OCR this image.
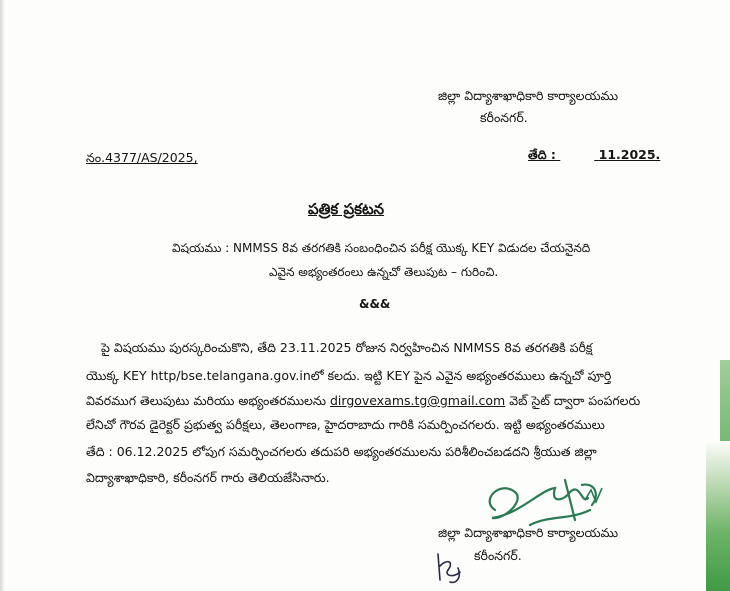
జిల్లా విద్యాశాఖాధికారి కార్యాలయము
కరీంనగర్.
నం.4377/AS/2025,	తేది :	11.2025.
పత్రిక ప్రకటన
విషయము : NMMSS 8వ తరగతికి సంబంధించిన పరీక్ష యొక్క KEY విడుదల చేయనైనది
ఎవైన అభ్యంతరంలు ఉన్నచో తెలుపుట – గురించి.
&&&
పై విషయము పురస్కరించుకొని, తేది 23.11.2025 రోజున నిర్వహించిన NMMSS 8వ తరగతికి పరీక్ష
యొక్క KEY http/bse.telangana.gov.inలో కలదు. ఇట్టి KEY పైన ఎవైన అభ్యంతరములు ఉన్నచో పూర్తి
వివరముగ తెలుపుటు మరియు అభ్యంతరములను dirgovexams.tg@gmail.com వెబ్ సైట్ ద్వారా పంపగలరు
లేనిచో గౌరవ డైరెక్టర్ ప్రభుత్వ పరీక్షలు, తెలంగాణ, హైదరాబాదు గారికి సమర్పించగలరు. ఇట్టి అభ్యంతరములు
తేది : 06.12.2025 లోపుగ సమర్పించగలరు తదుపరి అభ్యంతరములను పరిశీలించబడదని శ్రీయుత జిల్లా
విద్యాశాఖాధికారి, కరీంనగర్ గారు తెలియజేసినారు.
జిల్లా విద్యాశాఖాధికారి కార్యాలయము
కరీంనగర్.
